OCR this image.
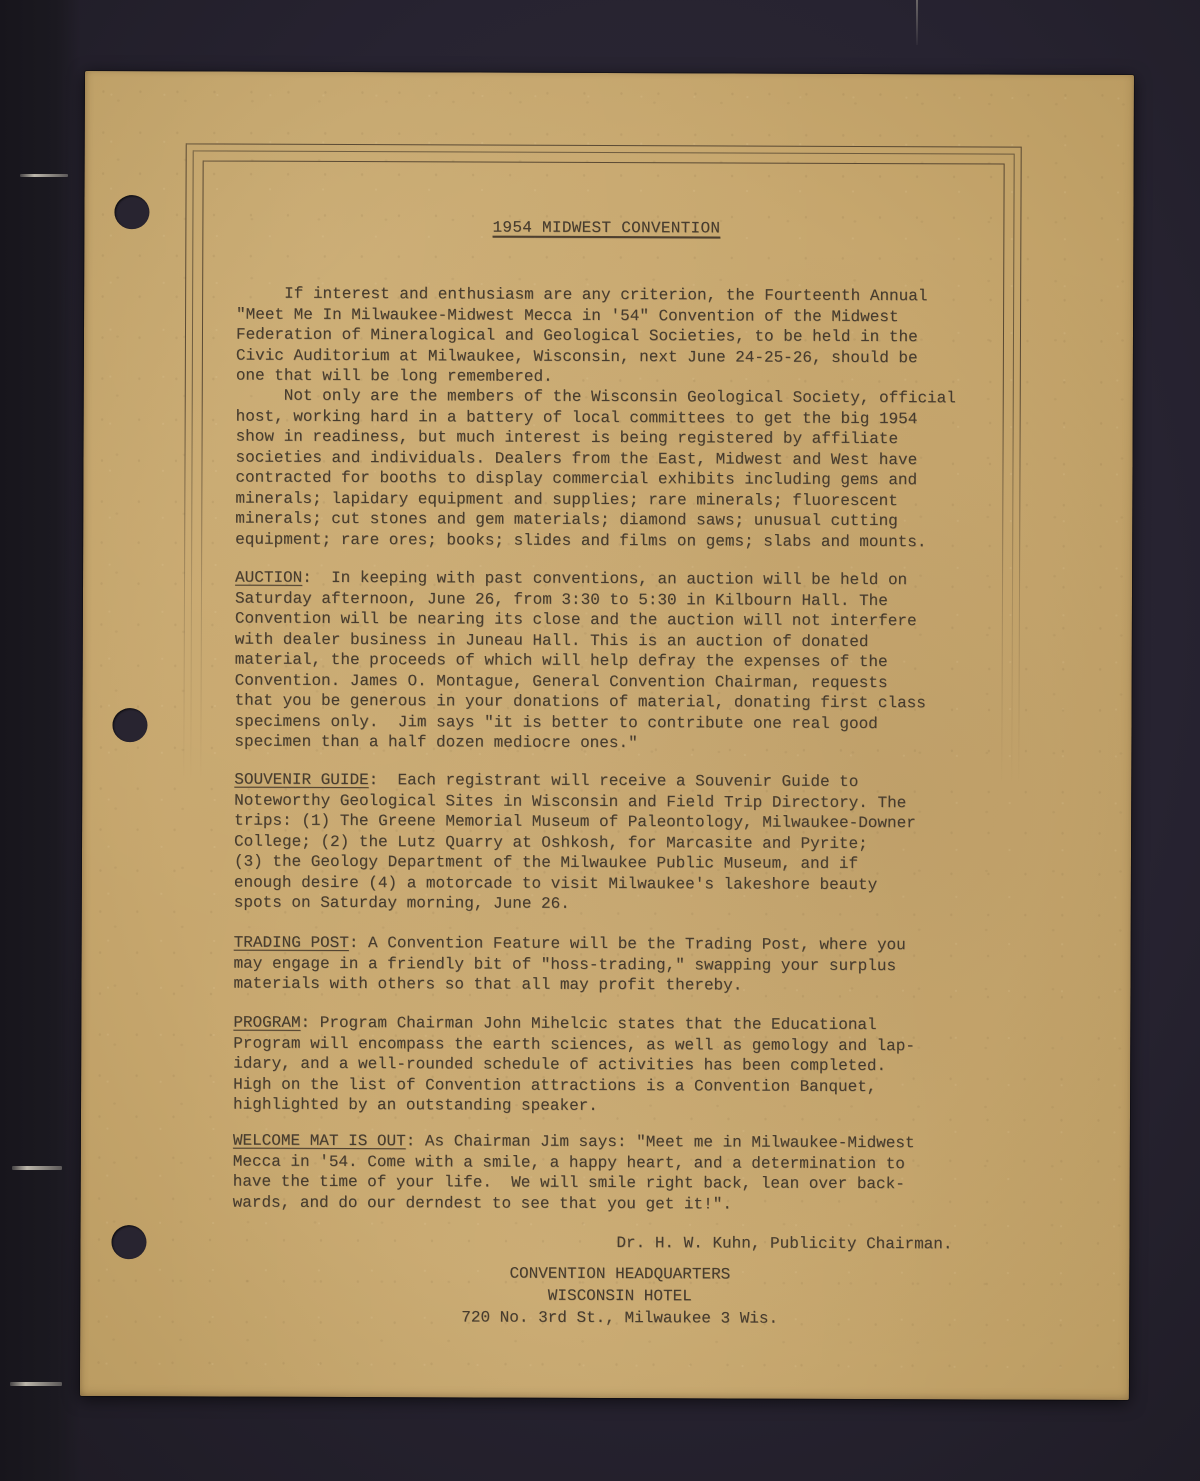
1954 MIDWEST CONVENTION
If interest and enthusiasm are any criterion, the Fourteenth Annual
"Meet Me In Milwaukee-Midwest Mecca in '54" Convention of the Midwest
Federation of Mineralogical and Geological Societies, to be held in the
Civic Auditorium at Milwaukee, Wisconsin, next June 24-25-26, should be
one that will be long remembered.
Not only are the members of the Wisconsin Geological Society, official
host, working hard in a battery of local committees to get the big 1954
show in readiness, but much interest is being registered by affiliate
societies and individuals. Dealers from the East, Midwest and West have
contracted for booths to display commercial exhibits including gems and
minerals; lapidary equipment and supplies; rare minerals; fluorescent
minerals; cut stones and gem materials; diamond saws; unusual cutting
equipment; rare ores; books; slides and films on gems; slabs and mounts.
AUCTION:  In keeping with past conventions, an auction will be held on
Saturday afternoon, June 26, from 3:30 to 5:30 in Kilbourn Hall. The
Convention will be nearing its close and the auction will not interfere
with dealer business in Juneau Hall. This is an auction of donated
material, the proceeds of which will help defray the expenses of the
Convention. James O. Montague, General Convention Chairman, requests
that you be generous in your donations of material, donating first class
specimens only.  Jim says "it is better to contribute one real good
specimen than a half dozen mediocre ones."
SOUVENIR GUIDE:  Each registrant will receive a Souvenir Guide to
Noteworthy Geological Sites in Wisconsin and Field Trip Directory. The
trips: (1) The Greene Memorial Museum of Paleontology, Milwaukee-Downer
College; (2) the Lutz Quarry at Oshkosh, for Marcasite and Pyrite;
(3) the Geology Department of the Milwaukee Public Museum, and if
enough desire (4) a motorcade to visit Milwaukee's lakeshore beauty
spots on Saturday morning, June 26.
TRADING POST: A Convention Feature will be the Trading Post, where you
may engage in a friendly bit of "hoss-trading," swapping your surplus
materials with others so that all may profit thereby.
PROGRAM: Program Chairman John Mihelcic states that the Educational
Program will encompass the earth sciences, as well as gemology and lap-
idary, and a well-rounded schedule of activities has been completed.
High on the list of Convention attractions is a Convention Banquet,
highlighted by an outstanding speaker.
WELCOME MAT IS OUT: As Chairman Jim says: "Meet me in Milwaukee-Midwest
Mecca in '54. Come with a smile, a happy heart, and a determination to
have the time of your life.  We will smile right back, lean over back-
wards, and do our derndest to see that you get it!".
Dr. H. W. Kuhn, Publicity Chairman.
CONVENTION HEADQUARTERS
WISCONSIN HOTEL
720 No. 3rd St., Milwaukee 3 Wis.
